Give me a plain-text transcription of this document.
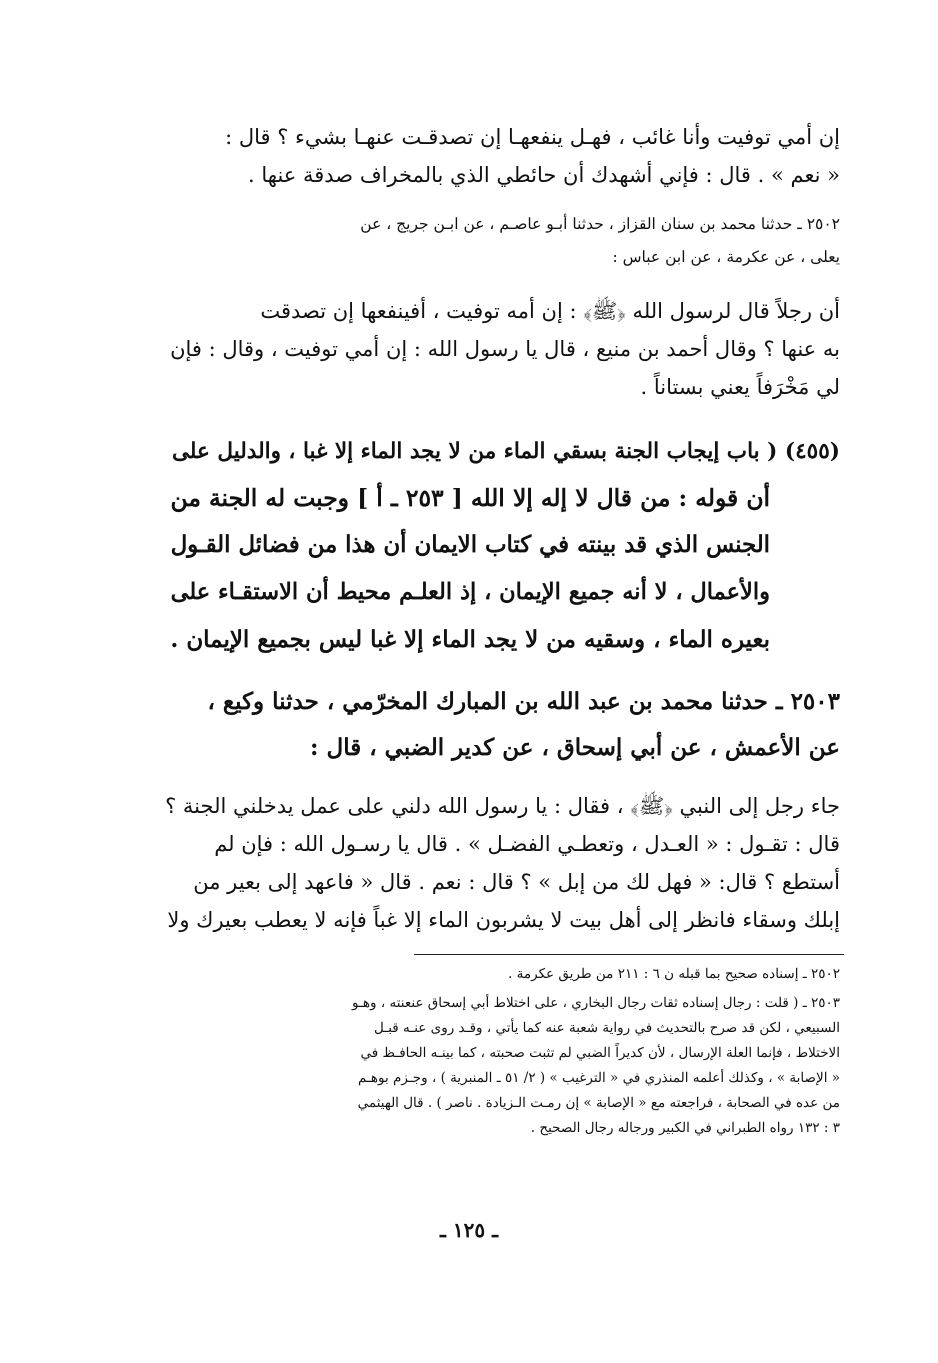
إن أمي توفيت وأنا غائب ، فهـل ينفعهـا إن تصدقـت عنهـا بشيء ؟ قال :
« نعم » . قال : فإني أشهدك أن حائطي الذي بالمخراف صدقة عنها .
٢٥٠٢ ـ حدثنا محمد بن سنان القزاز ، حدثنا أبـو عاصـم ، عن ابـن جريج ، عن
يعلى ، عن عكرمة ، عن ابن عباس :
أن رجلاً قال لرسول الله ﴿ﷺ﴾ : إن أمه توفيت ، أفينفعها إن تصدقت
به عنها ؟ وقال أحمد بن منيع ، قال يا رسول الله : إن أمي توفيت ، وقال : فإن
لي مَخْرَفاً يعني بستاناً .
(٤٥٥) ( باب إيجاب الجنة بسقي الماء من لا يجد الماء إلا غبا ، والدليل على
أن قوله : من قال لا إله إلا الله [ ٢٥٣ ـ أ ] وجبت له الجنة من
الجنس الذي قد بينته في كتاب الايمان أن هذا من فضائل القـول
والأعمال ، لا أنه جميع الإيمان ، إذ العلـم محيط أن الاستقـاء على
بعيره الماء ، وسقيه من لا يجد الماء إلا غبا ليس بجميع الإيمان .
٢٥٠٣ ـ حدثنا محمد بن عبد الله بن المبارك المخرّمي ، حدثنا وكيع ،
عن الأعمش ، عن أبي إسحاق ، عن كدير الضبي ، قال :
جاء رجل إلى النبي ﴿ﷺ﴾ ، فقال : يا رسول الله دلني على عمل يدخلني الجنة ؟
قال : تقـول : « العـدل ، وتعطـي الفضـل » . قال يا رسـول الله : فإن لم
أستطع ؟ قال: « فهل لك من إبل » ؟ قال : نعم . قال « فاعهد إلى بعير من
إبلك وسقاء فانظر إلى أهل بيت لا يشربون الماء إلا غباً فإنه لا يعطب بعيرك ولا
٢٥٠٢ ـ إسناده صحيح بما قبله ن ٦ : ٢١١ من طريق عكرمة .
٢٥٠٣ ـ ( قلت : رجال إسناده ثقات رجال البخاري ، على اختلاط أبي إسحاق عنعنته ، وهـو
السبيعي ، لكن قد صرح بالتحديث في رواية شعبة عنه كما يأتي ، وقـد روى عنـه قبـل
الاختلاط ، فإنما العلة الإرسال ، لأن كديراً الضبي لم تثبت صحبته ، كما بينـه الحافـظ في
« الإصابة » ، وكذلك أعلمه المنذري في « الترغيب » ( ٢/ ٥١ ـ المنبرية ) ، وجـزم بوهـم
من عده في الصحابة ، فراجعته مع « الإصابة » إن رمـت الـزيادة . ناصر ) . قال الهيثمي
٣ : ١٣٢ رواه الطبراني في الكبير ورجاله رجال الصحيح .
ـ ١٢٥ ـ
